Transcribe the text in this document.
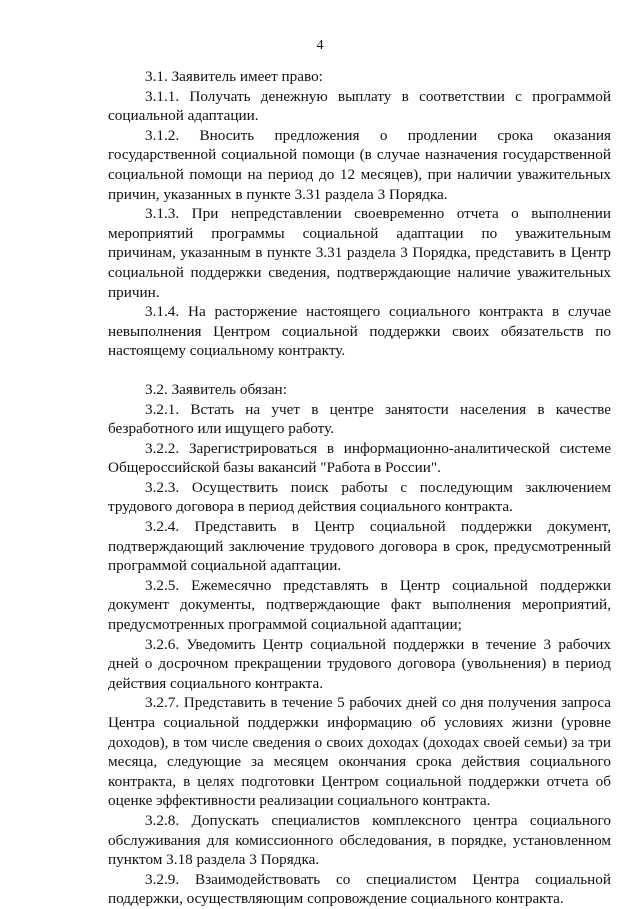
4

3.1. Заявитель имеет право:

3.1.1. Получать денежную выплату в соответствии с программой социальной адаптации.

3.1.2. Вносить предложения о продлении срока оказания государственной социальной помощи (в случае назначения государственной социальной помощи на период до 12 месяцев), при наличии уважительных причин, указанных в пункте 3.31 раздела 3 Порядка.

3.1.3. При непредставлении своевременно отчета о выполнении мероприятий программы социальной адаптации по уважительным причинам, указанным в пункте 3.31 раздела 3 Порядка, представить в Центр социальной поддержки сведения, подтверждающие наличие уважительных причин.

3.1.4. На расторжение настоящего социального контракта в случае невыполнения Центром социальной поддержки своих обязательств по настоящему социальному контракту.

3.2. Заявитель обязан:

3.2.1. Встать на учет в центре занятости населения в качестве безработного или ищущего работу.

3.2.2. Зарегистрироваться в информационно-аналитической системе Общероссийской базы вакансий "Работа в России".

3.2.3. Осуществить поиск работы с последующим заключением трудового договора в период действия социального контракта.

3.2.4. Представить в Центр социальной поддержки документ, подтверждающий заключение трудового договора в срок, предусмотренный программой социальной адаптации.

3.2.5. Ежемесячно представлять в Центр социальной поддержки документ документы, подтверждающие факт выполнения мероприятий, предусмотренных программой социальной адаптации;

3.2.6. Уведомить Центр социальной поддержки в течение 3 рабочих дней о досрочном прекращении трудового договора (увольнения) в период действия социального контракта.

3.2.7. Представить в течение 5 рабочих дней со дня получения запроса Центра социальной поддержки информацию об условиях жизни (уровне доходов), в том числе сведения о своих доходах (доходах своей семьи) за три месяца, следующие за месяцем окончания срока действия социального контракта, в целях подготовки Центром социальной поддержки отчета об оценке эффективности реализации социального контракта.

3.2.8. Допускать специалистов комплексного центра социального обслуживания для комиссионного обследования, в порядке, установленном пунктом 3.18 раздела 3 Порядка.

3.2.9. Взаимодействовать со специалистом Центра социальной поддержки, осуществляющим сопровождение социального контракта.
